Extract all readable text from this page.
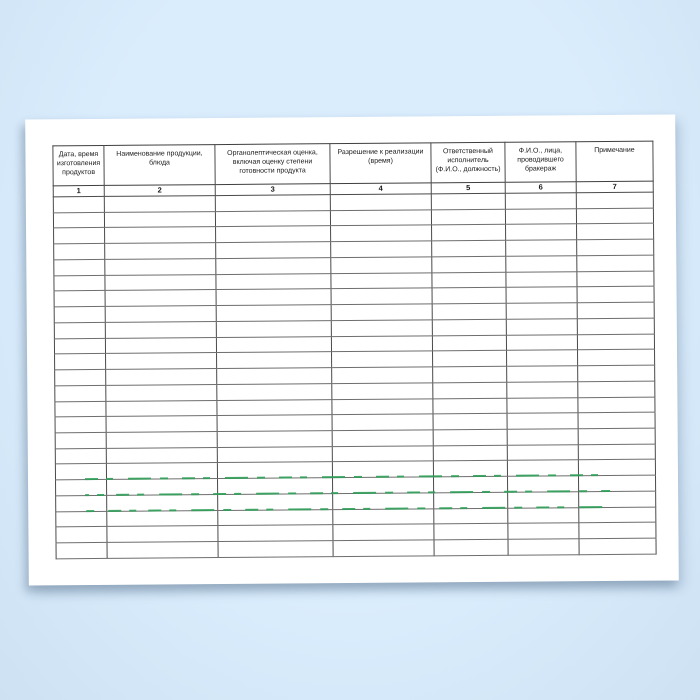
Дата, время изготовления продуктов	Наименование продукции, блюда	Органолептическая оценка, включая оценку степени готовности продукта	Разрешение к реализации (время)	Ответственный исполнитель (Ф.И.О., должность)	Ф.И.О., лица, проводившего бракераж	Примечание
1	2	3	4	5	6	7
